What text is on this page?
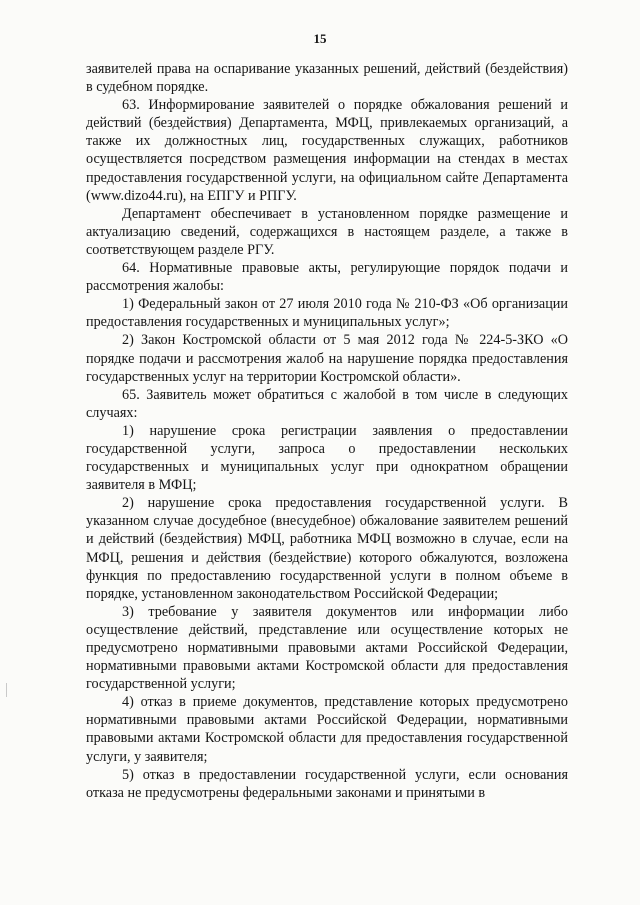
15

заявителей права на оспаривание указанных решений, действий (бездействия) в судебном порядке.

63. Информирование заявителей о порядке обжалования решений и действий (бездействия) Департамента, МФЦ, привлекаемых организаций, а также их должностных лиц, государственных служащих, работников осуществляется посредством размещения информации на стендах в местах предоставления государственной услуги, на официальном сайте Департамента (www.dizo44.ru), на ЕПГУ и РПГУ.

Департамент обеспечивает в установленном порядке размещение и актуализацию сведений, содержащихся в настоящем разделе, а также в соответствующем разделе РГУ.

64. Нормативные правовые акты, регулирующие порядок подачи и рассмотрения жалобы:

1) Федеральный закон от 27 июля 2010 года № 210-ФЗ «Об организации предоставления государственных и муниципальных услуг»;

2) Закон Костромской области от 5 мая 2012 года № 224-5-ЗКО «О порядке подачи и рассмотрения жалоб на нарушение порядка предоставления государственных услуг на территории Костромской области».

65. Заявитель может обратиться с жалобой в том числе в следующих случаях:

1) нарушение срока регистрации заявления о предоставлении государственной услуги, запроса о предоставлении нескольких государственных и муниципальных услуг при однократном обращении заявителя в МФЦ;

2) нарушение срока предоставления государственной услуги. В указанном случае досудебное (внесудебное) обжалование заявителем решений и действий (бездействия) МФЦ, работника МФЦ возможно в случае, если на МФЦ, решения и действия (бездействие) которого обжалуются, возложена функция по предоставлению государственной услуги в полном объеме в порядке, установленном законодательством Российской Федерации;

3) требование у заявителя документов или информации либо осуществление действий, представление или осуществление которых не предусмотрено нормативными правовыми актами Российской Федерации, нормативными правовыми актами Костромской области для предоставления государственной услуги;

4) отказ в приеме документов, представление которых предусмотрено нормативными правовыми актами Российской Федерации, нормативными правовыми актами Костромской области для предоставления государственной услуги, у заявителя;

5) отказ в предоставлении государственной услуги, если основания отказа не предусмотрены федеральными законами и принятыми в
